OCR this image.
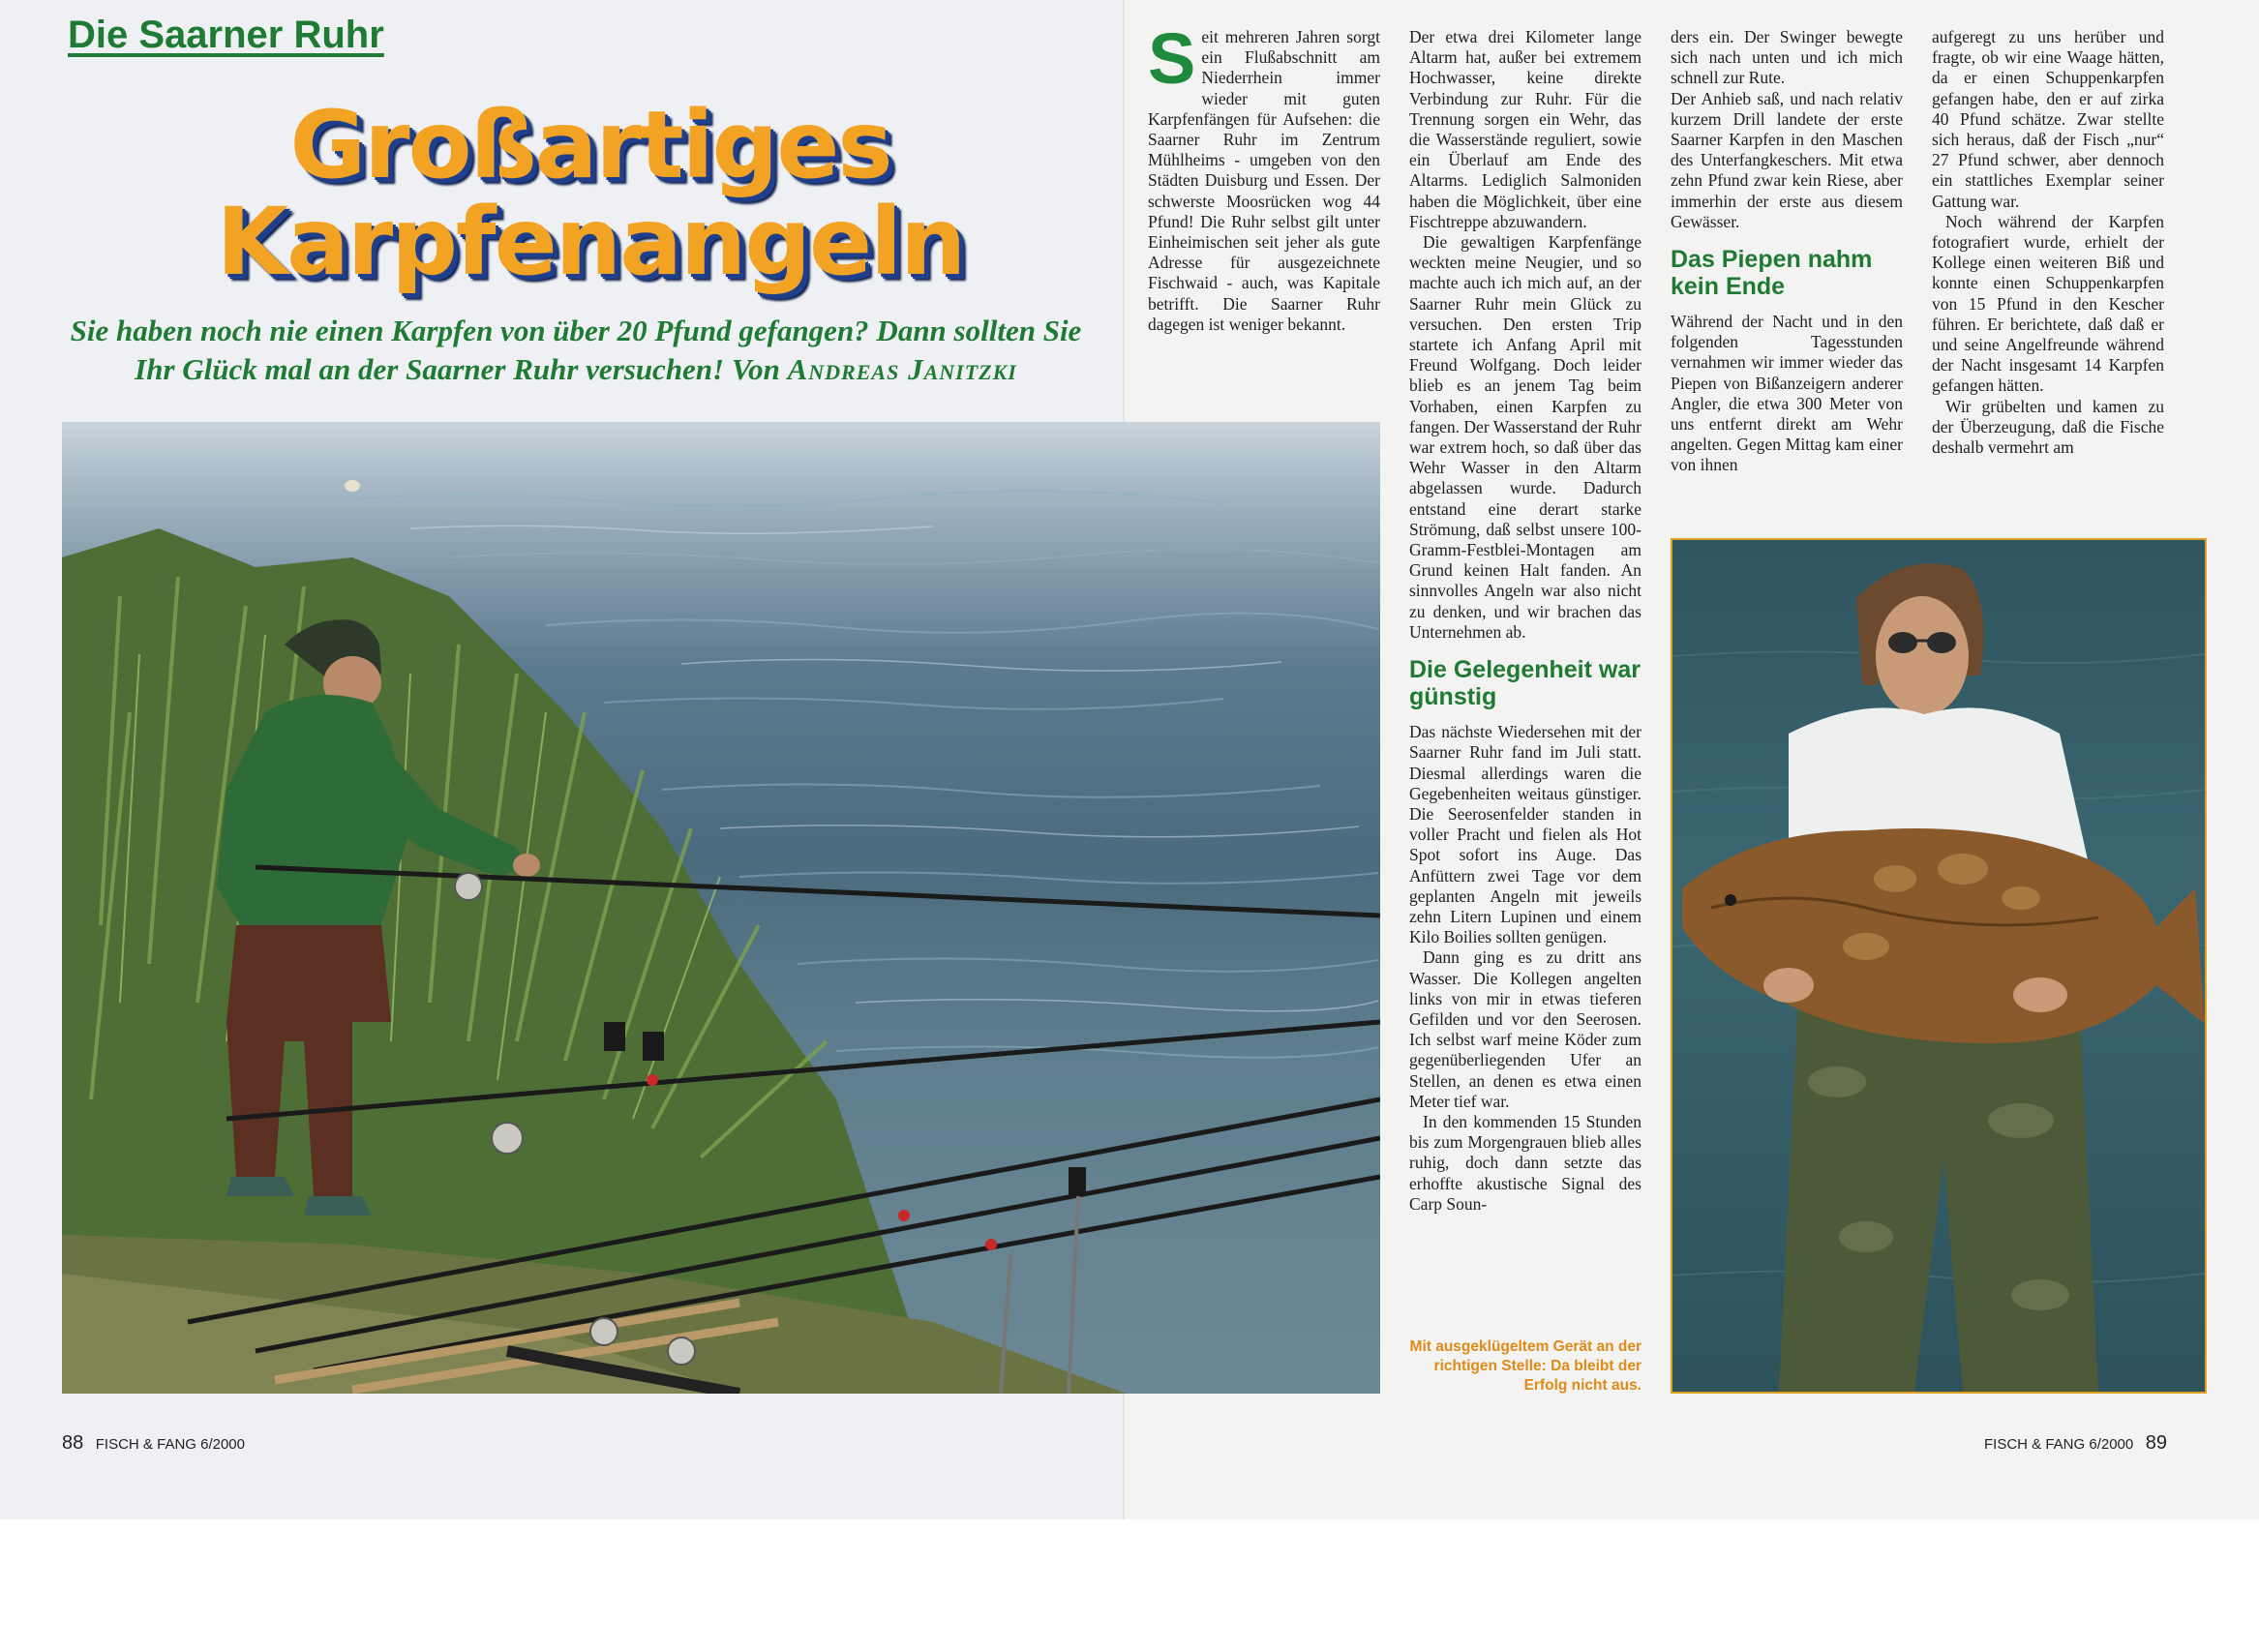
Die Saarner Ruhr
Großartiges
Karpfenangeln
Sie haben noch nie einen Karpfen von über 20 Pfund gefangen? Dann sollten Sie Ihr Glück mal an der Saarner Ruhr versuchen! Von Andreas Janitzki

Seit mehreren Jahren sorgt ein Flußabschnitt am Niederrhein immer wieder mit guten Karpfenfängen für Aufsehen: die Saarner Ruhr im Zentrum Mühlheims - umgeben von den Städten Duisburg und Essen. Der schwerste Moosrücken wog 44 Pfund! Die Ruhr selbst gilt unter Einheimischen seit jeher als gute Adresse für ausgezeichnete Fischwaid - auch, was Kapitale betrifft. Die Saarner Ruhr dagegen ist weniger bekannt.

Der etwa drei Kilometer lange Altarm hat, außer bei extremem Hochwasser, keine direkte Verbindung zur Ruhr. Für die Trennung sorgen ein Wehr, das die Wasserstände reguliert, sowie ein Überlauf am Ende des Altarms. Lediglich Salmoniden haben die Möglichkeit, über eine Fischtreppe abzuwandern.

Die gewaltigen Karpfenfänge weckten meine Neugier, und so machte auch ich mich auf, an der Saarner Ruhr mein Glück zu versuchen. Den ersten Trip startete ich Anfang April mit Freund Wolfgang. Doch leider blieb es an jenem Tag beim Vorhaben, einen Karpfen zu fangen. Der Wasserstand der Ruhr war extrem hoch, so daß über das Wehr Wasser in den Altarm abgelassen wurde. Dadurch entstand eine derart starke Strömung, daß selbst unsere 100-Gramm-Festblei-Montagen am Grund keinen Halt fanden. An sinnvolles Angeln war also nicht zu denken, und wir brachen das Unternehmen ab.

Die Gelegenheit war günstig

Das nächste Wiedersehen mit der Saarner Ruhr fand im Juli statt. Diesmal allerdings waren die Gegebenheiten weitaus günstiger. Die Seerosenfelder standen in voller Pracht und fielen als Hot Spot sofort ins Auge. Das Anfüttern zwei Tage vor dem geplanten Angeln mit jeweils zehn Litern Lupinen und einem Kilo Boilies sollten genügen.

Dann ging es zu dritt ans Wasser. Die Kollegen angelten links von mir in etwas tieferen Gefilden und vor den Seerosen. Ich selbst warf meine Köder zum gegenüberliegenden Ufer an Stellen, an denen es etwa einen Meter tief war.

In den kommenden 15 Stunden bis zum Morgengrauen blieb alles ruhig, doch dann setzte das erhoffte akustische Signal des Carp Soun-

Mit ausgeklügeltem Gerät an der richtigen Stelle: Da bleibt der Erfolg nicht aus.

ders ein. Der Swinger bewegte sich nach unten und ich mich schnell zur Rute.

Der Anhieb saß, und nach relativ kurzem Drill landete der erste Saarner Karpfen in den Maschen des Unterfangkeschers. Mit etwa zehn Pfund zwar kein Riese, aber immerhin der erste aus diesem Gewässer.

Das Piepen nahm kein Ende

Während der Nacht und in den folgenden Tagesstunden vernahmen wir immer wieder das Piepen von Bißanzeigern anderer Angler, die etwa 300 Meter von uns entfernt direkt am Wehr angelten. Gegen Mittag kam einer von ihnen

aufgeregt zu uns herüber und fragte, ob wir eine Waage hätten, da er einen Schuppenkarpfen gefangen habe, den er auf zirka 40 Pfund schätze. Zwar stellte sich heraus, daß der Fisch „nur“ 27 Pfund schwer, aber dennoch ein stattliches Exemplar seiner Gattung war.

Noch während der Karpfen fotografiert wurde, erhielt der Kollege einen weiteren Biß und konnte einen Schuppenkarpfen von 15 Pfund in den Kescher führen. Er berichtete, daß daß er und seine Angelfreunde während der Nacht insgesamt 14 Karpfen gefangen hätten.

Wir grübelten und kamen zu der Überzeugung, daß die Fische deshalb vermehrt am

88 FISCH & FANG 6/2000	FISCH & FANG 6/2000 89
